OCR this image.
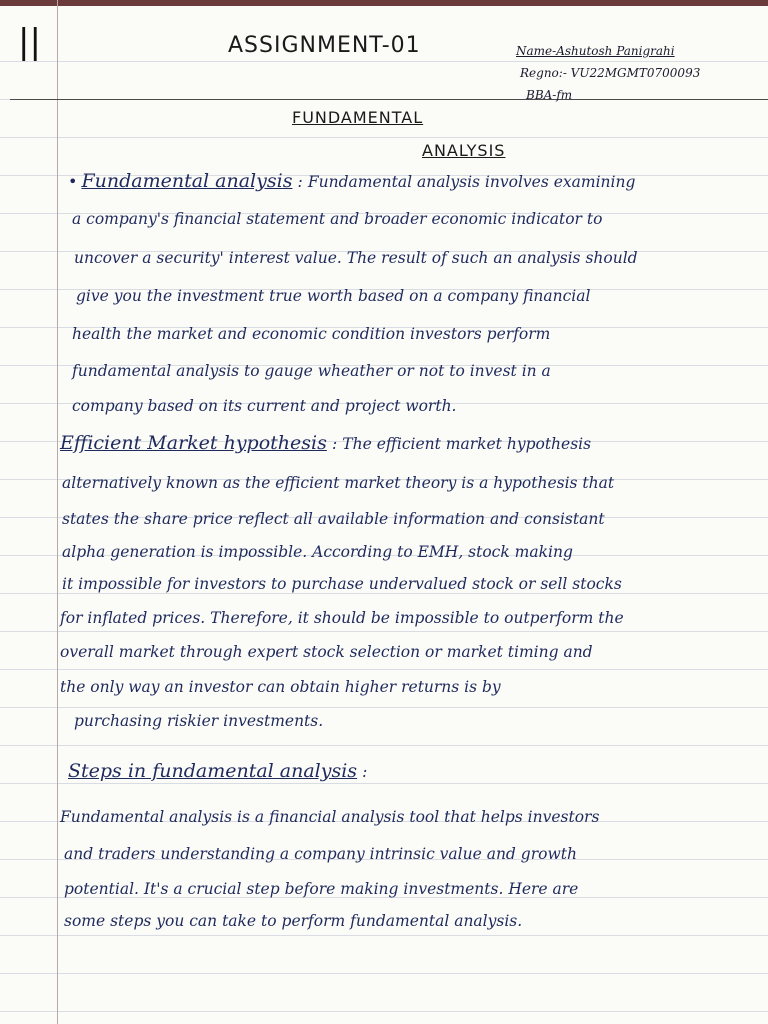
||	ASSIGNMENT-01	Name-Ashutosh Panigrahi
Regno:- VU22MGMT0700093
BBA-fm
FUNDAMENTAL
ANALYSIS
• Fundamental analysis : Fundamental analysis involves examining
a company's financial statement and broader economic indicator to
uncover a security' interest value. The result of such an analysis should
give you the investment true worth based on a company financial
health the market and economic condition investors perform
fundamental analysis to gauge wheather or not to invest in a
company based on its current and project worth.
Efficient Market hypothesis : The efficient market hypothesis
alternatively known as the efficient market theory is a hypothesis that
states the share price reflect all available information and consistant
alpha generation is impossible. According to EMH, stock making
it impossible for investors to purchase undervalued stock or sell stocks
for inflated prices. Therefore, it should be impossible to outperform the
overall market through expert stock selection or market timing and
the only way an investor can obtain higher returns is by
purchasing riskier investments.
Steps in fundamental analysis :
Fundamental analysis is a financial analysis tool that helps investors
and traders understanding a company intrinsic value and growth
potential. It's a crucial step before making investments. Here are
some steps you can take to perform fundamental analysis.
